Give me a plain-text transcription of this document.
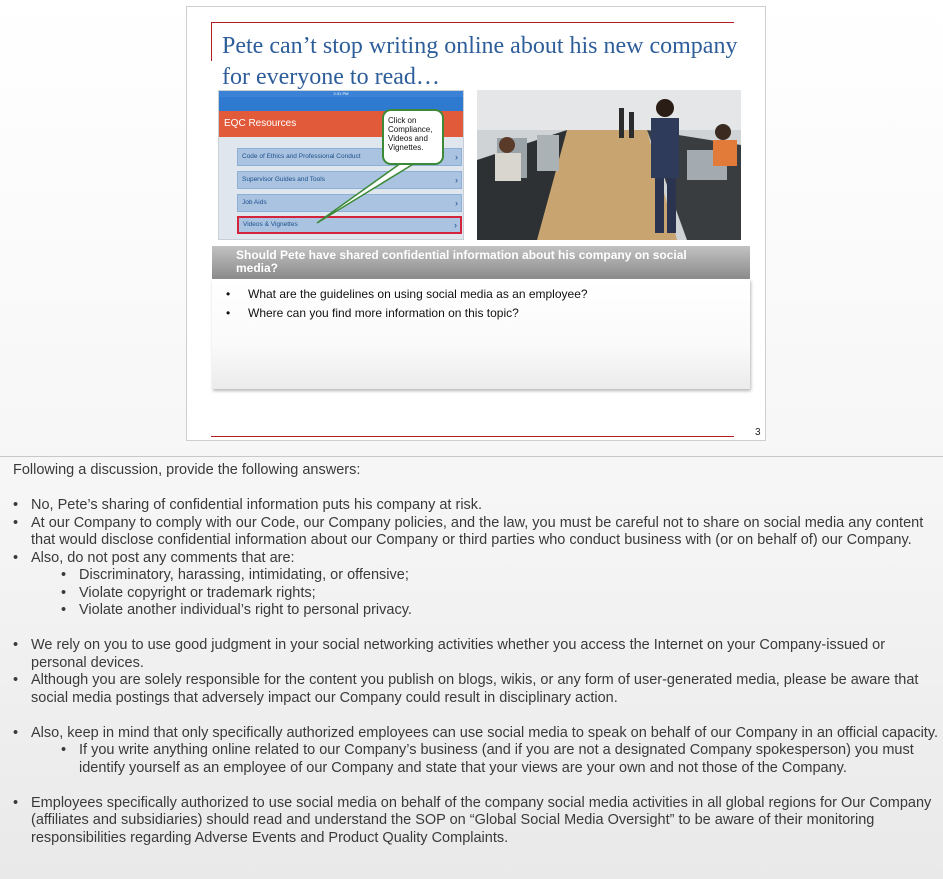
Pete can’t stop writing online about his new company for everyone to read…
2:31 PM
EQC Resources
Code of Ethics and Professional Conduct	›
Supervisor Guides and Tools	›
Job Aids	›
Videos & Vignettes	›
Click on Compliance, Videos and Vignettes.
Should Pete have shared confidential information about his company on social media?
• What are the guidelines on using social media as an employee?
• Where can you find more information on this topic?
3
Following a discussion, provide the following answers:
• No, Pete’s sharing of confidential information puts his company at risk.
• At our Company to comply with our Code, our Company policies, and the law, you must be careful not to share on social media any content that would disclose confidential information about our Company or third parties who conduct business with (or on behalf of) our Company.
• Also, do not post any comments that are:
• Discriminatory, harassing, intimidating, or offensive;
• Violate copyright or trademark rights;
• Violate another individual’s right to personal privacy.
• We rely on you to use good judgment in your social networking activities whether you access the Internet on your Company-issued or personal devices.
• Although you are solely responsible for the content you publish on blogs, wikis, or any form of user-generated media, please be aware that social media postings that adversely impact our Company could result in disciplinary action.
• Also, keep in mind that only specifically authorized employees can use social media to speak on behalf of our Company in an official capacity.
• If you write anything online related to our Company’s business (and if you are not a designated Company spokesperson) you must identify yourself as an employee of our Company and state that your views are your own and not those of the Company.
• Employees specifically authorized to use social media on behalf of the company social media activities in all global regions for Our Company (affiliates and subsidiaries) should read and understand the SOP on “Global Social Media Oversight” to be aware of their monitoring responsibilities regarding Adverse Events and Product Quality Complaints.
